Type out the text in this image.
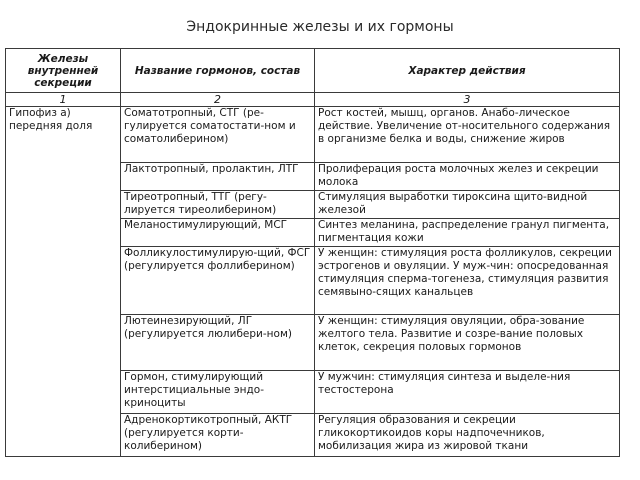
Эндокринные железы и их гормоны
Железы внутренней секреции	Название гормонов, состав	Характер действия
1	2	3
Гипофиз а) передняя доля	Соматотропный, СТГ (ре-гулируется соматостати-ном и соматолиберином)	Рост костей, мышц, органов. Анабо-лическое действие. Увеличение от-носительного содержания в организме белка и воды, снижение жиров
	Лактотропный, пролактин, ЛТГ	Пролиферация роста молочных желез и секреции молока
	Тиреотропный, ТТГ (регу-лируется тиреолиберином)	Стимуляция выработки тироксина щито-видной железой
	Меланостимулирующий, МСГ	Синтез меланина, распределение гранул пигмента, пигментация кожи
	Фолликулостимулирую-щий, ФСГ (регулируется фоллиберином)	У женщин: стимуляция роста фолликулов, секреции эстрогенов и овуляции. У муж-чин: опосредованная стимуляция сперма-тогенеза, стимуляция развития семявыно-сящих канальцев
	Лютеинезирующий, ЛГ (регулируется люлибери-ном)	У женщин: стимуляция овуляции, обра-зование желтого тела. Развитие и созре-вание половых клеток, секреция половых гормонов
	Гормон, стимулирующий интерстициальные эндо-криноциты	У мужчин: стимуляция синтеза и выделе-ния тестостерона
	Адренокортикотропный, АКТГ (регулируется корти-колиберином)	Регуляция образования и секреции гликокортикоидов коры надпочечников, мобилизация жира из жировой ткани
